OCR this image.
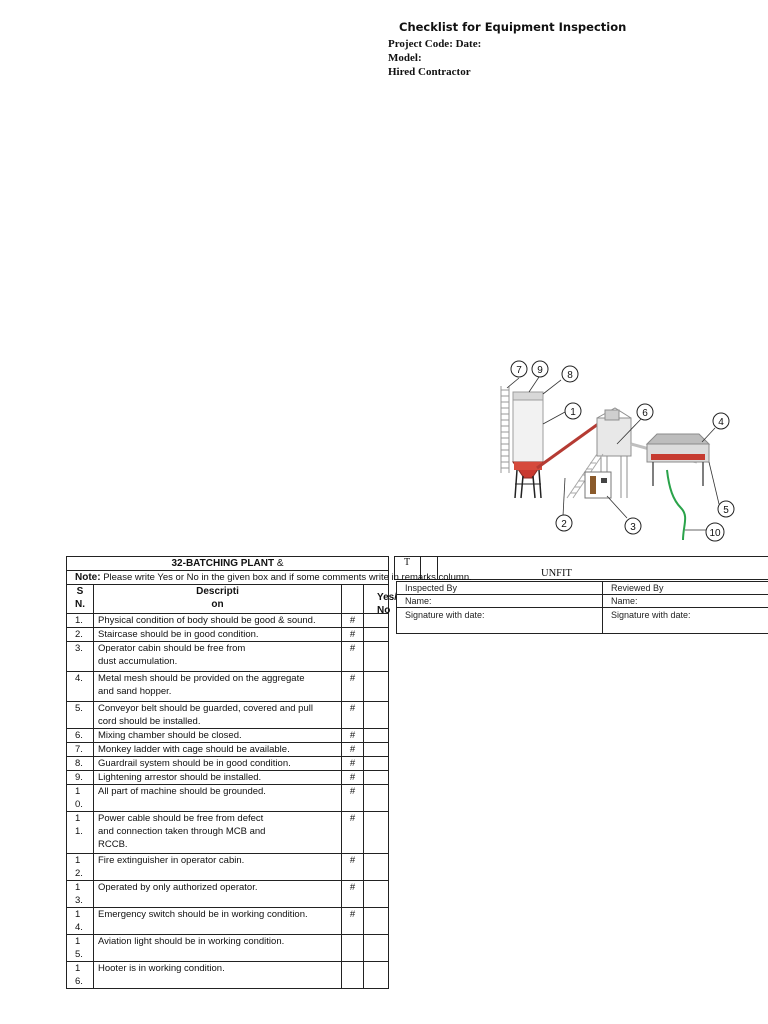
Checklist for Equipment Inspection
Project Code: Date:
Model:
Hired Contractor
7 9 8
1	6
4
5
2	3
10
T
UNFIT
32-BATCHING PLANT &			
Note: Please write Yes or No in the given box and if some comments write in remarks column.			
S
N.	Descripti
on		
1.	Physical condition of body should be good & sound.	#	
2.	Staircase should be in good condition.	#	
3.	Operator cabin should be free from
dust accumulation.	#	
4.	Metal mesh should be provided on the aggregate
and sand hopper.	#	
5.	Conveyor belt should be guarded, covered and pull
cord should be installed.	#	
6.	Mixing chamber should be closed.	#	
7.	Monkey ladder with cage should be available.	#	
8.	Guardrail system should be in good condition.	#	
9.	Lightening arrestor should be installed.	#	
1
0.	All part of machine should be grounded.	#	
1
1.	Power cable should be free from defect
and connection taken through MCB and
RCCB.	#	
1
2.	Fire extinguisher in operator cabin.	#	
1
3.	Operated by only authorized operator.	#	
1
4.	Emergency switch should be in working condition.	#	
1
5.	Aviation light should be in working condition.		
1
6.	Hooter is in working condition.		
Yes/
No
Inspected By	Reviewed By
Name:	Name:
Signature with date:	Signature with date:
